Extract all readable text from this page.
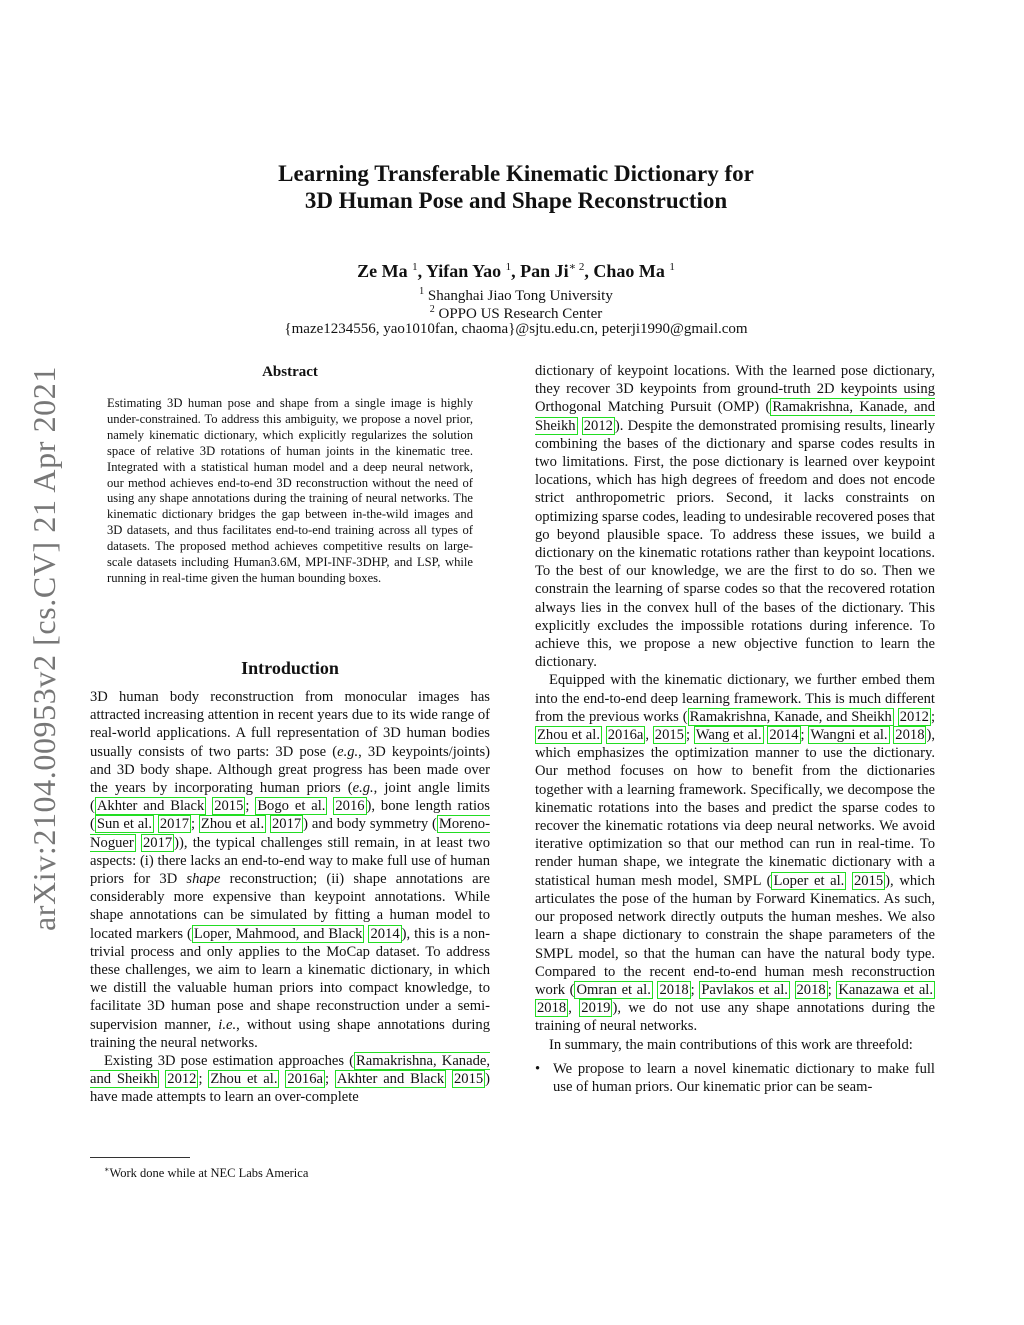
arXiv:2104.00953v2 [cs.CV] 21 Apr 2021
Learning Transferable Kinematic Dictionary for
3D Human Pose and Shape Reconstruction
Ze Ma $^1$, Yifan Yao $^1$, Pan $Ji^{∗ 2}$, Chao Ma $^1$
$^1$ Shanghai Jiao Tong University
$^2$ OPPO US Research Center
{maze1234556, yao1010fan, chaoma}@sjtu.edu.cn, peterji1990@gmail.com
Abstract
Estimating 3D human pose and shape from a single image is highly under-constrained. To address this ambiguity, we propose a novel prior, namely kinematic dictionary, which explicitly regularizes the solution space of relative 3D rotations of human joints in the kinematic tree. Integrated with a statistical human model and a deep neural network, our method achieves end-to-end 3D reconstruction without the need of using any shape annotations during the training of neural networks. The kinematic dictionary bridges the gap between in-the-wild images and 3D datasets, and thus facilitates end-to-end training across all types of datasets. The proposed method achieves competitive results on large-scale datasets including Human3.6M, MPI-INF-3DHP, and LSP, while running in real-time given the human bounding boxes.
Introduction

3D human body reconstruction from monocular images has attracted increasing attention in recent years due to its wide range of real-world applications. A full representation of 3D human bodies usually consists of two parts: 3D pose (e.g., 3D keypoints/joints) and 3D body shape. Although great progress has been made over the years by incorporating human priors (e.g., joint angle limits ( Akhter and Black 2015 ; Bogo et al. 2016 ), bone length ratios ( Sun et al. 2017 ; Zhou et al. 2017 ) and body symmetry ( Moreno-Noguer 2017 )), the typical challenges still remain, in at least two aspects: (i) there lacks an end-to-end way to make full use of human priors for 3D shape reconstruction; (ii) shape annotations are considerably more expensive than keypoint annotations. While shape annotations can be simulated by fitting a human model to located markers ( Loper, Mahmood, and Black 2014 ), this is a non-trivial process and only applies to the MoCap dataset. To address these challenges, we aim to learn a kinematic dictionary, in which we distill the valuable human priors into compact knowledge, to facilitate 3D human pose and shape reconstruction under a semi-supervision manner, i.e., without using shape annotations during training the neural networks.

Existing 3D pose estimation approaches ( Ramakrishna, Kanade, and Sheikh 2012 ; Zhou et al. 2016a ; Akhter and Black 2015 ) have made attempts to learn an over-complete

∗Work done while at NEC Labs America

dictionary of keypoint locations. With the learned pose dictionary, they recover 3D keypoints from ground-truth 2D keypoints using Orthogonal Matching Pursuit (OMP) ( Ramakrishna, Kanade, and Sheikh 2012 ). Despite the demonstrated promising results, linearly combining the bases of the dictionary and sparse codes results in two limitations. First, the pose dictionary is learned over keypoint locations, which has high degrees of freedom and does not encode strict anthropometric priors. Second, it lacks constraints on optimizing sparse codes, leading to undesirable recovered poses that go beyond plausible space. To address these issues, we build a dictionary on the kinematic rotations rather than keypoint locations. To the best of our knowledge, we are the first to do so. Then we constrain the learning of sparse codes so that the recovered rotation always lies in the convex hull of the bases of the dictionary. This explicitly excludes the impossible rotations during inference. To achieve this, we propose a new objective function to learn the dictionary.

Equipped with the kinematic dictionary, we further embed them into the end-to-end deep learning framework. This is much different from the previous works ( Ramakrishna, Kanade, and Sheikh 2012 ; Zhou et al. 2016a , 2015 ; Wang et al. 2014 ; Wangni et al. 2018 ), which emphasizes the optimization manner to use the dictionary. Our method focuses on how to benefit from the dictionaries together with a learning framework. Specifically, we decompose the kinematic rotations into the bases and predict the sparse codes to recover the kinematic rotations via deep neural networks. We avoid iterative optimization so that our method can run in real-time. To render human shape, we integrate the kinematic dictionary with a statistical human mesh model, SMPL ( Loper et al. 2015 ), which articulates the pose of the human by Forward Kinematics. As such, our proposed network directly outputs the human meshes. We also learn a shape dictionary to constrain the shape parameters of the SMPL model, so that the human can have the natural body type. Compared to the recent end-to-end human mesh reconstruction work ( Omran et al. 2018 ; Pavlakos et al. 2018 ; Kanazawa et al. 2018 , 2019 ), we do not use any shape annotations during the training of neural networks.

In summary, the main contributions of this work are threefold:

• We propose to learn a novel kinematic dictionary to make full use of human priors. Our kinematic prior can be seam-
